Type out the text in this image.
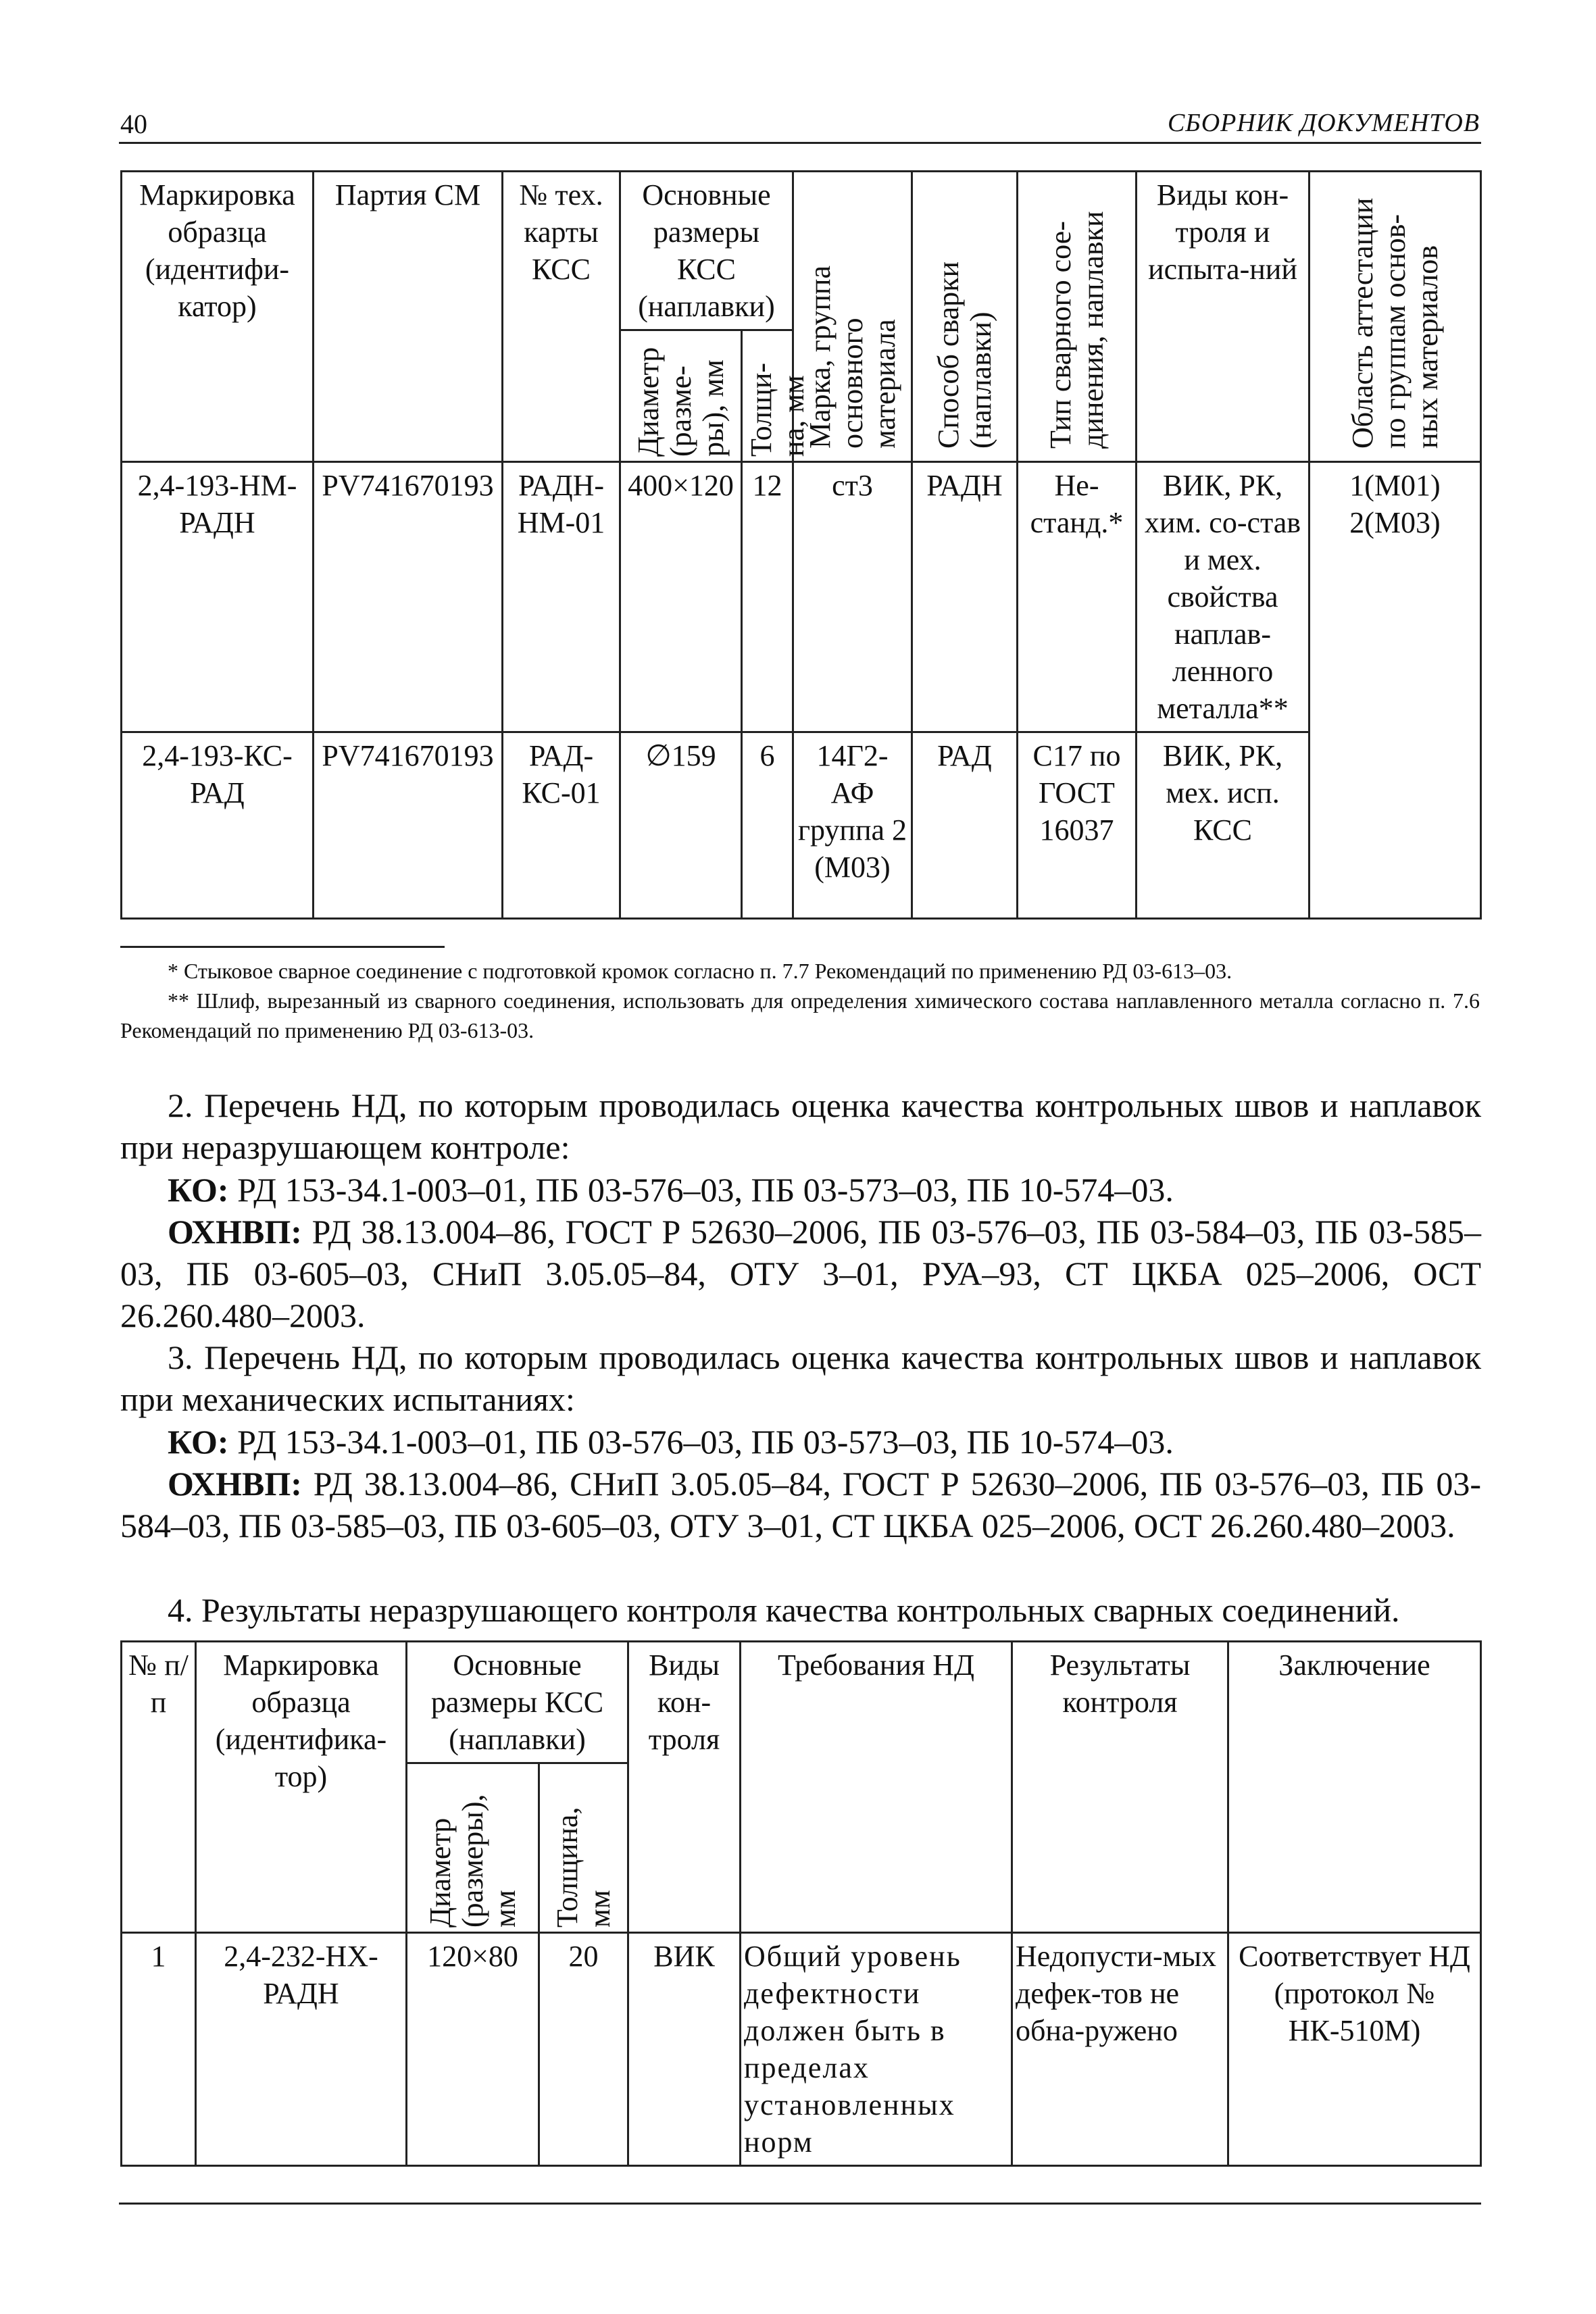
40	СБОРНИК ДОКУМЕНТОВ
Маркировка образца (идентифи-катор)	Партия СМ	№ тех. карты КСС	Основные размеры КСС (наплавки)		Марка, группа основного материала	Способ сварки (наплавки)	Тип сварного сое-динения, наплавки	Виды кон-троля и испыта-ний	Область аттестации по группам основ-ных материалов

			Диаметр (разме-ры), мм	Толщи-на, мм					

2,4-193-НМ-РАДН	PV741670193	РАДН-НМ-01	400×120	12	ст3	РАДН	Не-станд.*	ВИК, РК, хим. со-став и мех. свойства наплав-ленного металла**	1(М01) 2(М03)
2,4-193-КС-РАД	PV741670193	РАД-КС-01	∅159	6	14Г2-АФ группа 2 (М03)	РАД	С17 по ГОСТ 16037	ВИК, РК, мех. исп. КСС	
* Стыковое сварное соединение с подготовкой кромок согласно п. 7.7 Рекомендаций по применению РД 03-613–03.
** Шлиф, вырезанный из сварного соединения, использовать для определения химического состава наплавленного металла согласно п. 7.6 Рекомендаций по применению РД 03-613-03.
2. Перечень НД, по которым проводилась оценка качества контрольных швов и наплавок при неразрушающем контроле:
КО: РД 153-34.1-003–01, ПБ 03-576–03, ПБ 03-573–03, ПБ 10-574–03.
ОХНВП: РД 38.13.004–86, ГОСТ Р 52630–2006, ПБ 03-576–03, ПБ 03-584–03, ПБ 03-585–03, ПБ 03-605–03, СНиП 3.05.05–84, ОТУ 3–01, РУА–93, СТ ЦКБА 025–2006, ОСТ 26.260.480–2003.
3. Перечень НД, по которым проводилась оценка качества контрольных швов и наплавок при механических испытаниях:
КО: РД 153-34.1-003–01, ПБ 03-576–03, ПБ 03-573–03, ПБ 10-574–03.
ОХНВП: РД 38.13.004–86, СНиП 3.05.05–84, ГОСТ Р 52630–2006, ПБ 03-576–03, ПБ 03-584–03, ПБ 03-585–03, ПБ 03-605–03, ОТУ 3–01, СТ ЦКБА 025–2006, ОСТ 26.260.480–2003.
4. Результаты неразрушающего контроля качества контрольных сварных соединений.
№ п/п	Маркировка образца (идентифика-тор)	Основные размеры КСС (наплавки)		Виды кон-троля	Требования НД	Результаты контроля	Заключение

		Диаметр (размеры), мм	Толщина, мм				

1	2,4-232-НХ-РАДН	120×80	20	ВИК	Общий уровень дефектности должен быть в пределах установленных норм	Недопусти-мых дефек-тов не обна-ружено	Соответствует НД (протокол № НК-510М)
